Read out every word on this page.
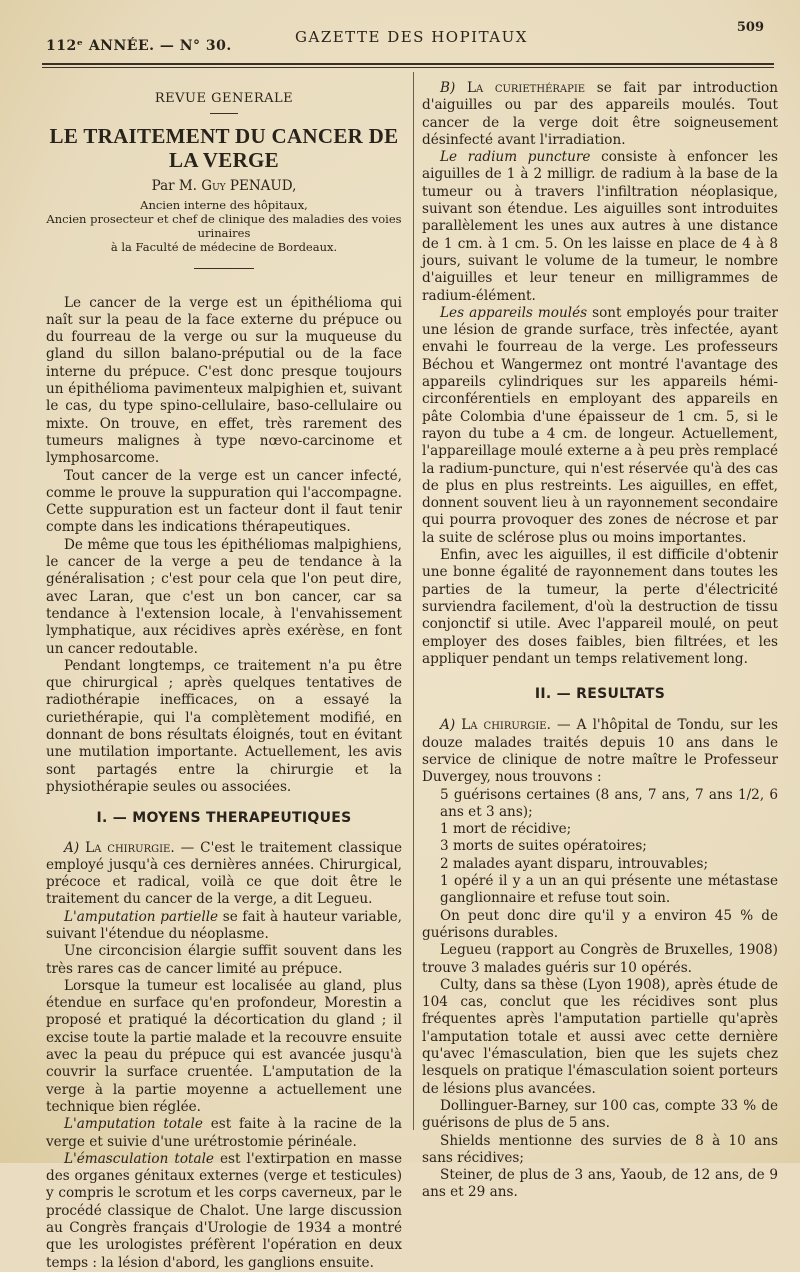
112ᵉ ANNÉE. — N° 30.	GAZETTE DES HOPITAUX
509
REVUE GENERALE
LE TRAITEMENT DU CANCER DE LA VERGE
Par M. Guy PENAUD,
Ancien interne des hôpitaux,
Ancien prosecteur et chef de clinique des maladies des voies urinaires
à la Faculté de médecine de Bordeaux.

Le cancer de la verge est un épithélioma qui naît sur la peau de la face externe du prépuce ou du fourreau de la verge ou sur la muqueuse du gland du sillon balano-préputial ou de la face interne du prépuce. C'est donc presque toujours un épithélioma pavimenteux malpighien et, suivant le cas, du type spino-cellulaire, baso-cellulaire ou mixte. On trouve, en effet, très rarement des tumeurs malignes à type nœvo-carcinome et lymphosarcome.

Tout cancer de la verge est un cancer infecté, comme le prouve la suppuration qui l'accompagne. Cette suppuration est un facteur dont il faut tenir compte dans les indications thérapeutiques.

De même que tous les épithéliomas malpighiens, le cancer de la verge a peu de tendance à la généralisation ; c'est pour cela que l'on peut dire, avec Laran, que c'est un bon cancer, car sa tendance à l'extension locale, à l'envahissement lymphatique, aux récidives après exérèse, en font un cancer redoutable.

Pendant longtemps, ce traitement n'a pu être que chirurgical ; après quelques tentatives de radiothérapie inefficaces, on a essayé la curiethérapie, qui l'a complètement modifié, en donnant de bons résultats éloignés, tout en évitant une mutilation importante. Actuellement, les avis sont partagés entre la chirurgie et la physiothérapie seules ou associées.

I. — MOYENS THERAPEUTIQUES

A) La chirurgie. — C'est le traitement classique employé jusqu'à ces dernières années. Chirurgical, précoce et radical, voilà ce que doit être le traitement du cancer de la verge, a dit Legueu.

L'amputation partielle se fait à hauteur variable, suivant l'étendue du néoplasme.

Une circoncision élargie suffit souvent dans les très rares cas de cancer limité au prépuce.

Lorsque la tumeur est localisée au gland, plus étendue en surface qu'en profondeur, Morestin a proposé et pratiqué la décortication du gland ; il excise toute la partie malade et la recouvre ensuite avec la peau du prépuce qui est avancée jusqu'à couvrir la surface cruentée. L'amputation de la verge à la partie moyenne a actuellement une technique bien réglée.

L'amputation totale est faite à la racine de la verge et suivie d'une urétrostomie périnéale.

L'émasculation totale est l'extirpation en masse des organes génitaux externes (verge et testicules) y compris le scrotum et les corps caverneux, par le procédé classique de Chalot. Une large discussion au Congrès français d'Urologie de 1934 a montré que les urologistes préfèrent l'opération en deux temps : la lésion d'abord, les ganglions ensuite.

B) La curiethérapie se fait par introduction d'aiguilles ou par des appareils moulés. Tout cancer de la verge doit être soigneusement désinfecté avant l'irradiation.

Le radium puncture consiste à enfoncer les aiguilles de 1 à 2 milligr. de radium à la base de la tumeur ou à travers l'infiltration néoplasique, suivant son étendue. Les aiguilles sont introduites parallèlement les unes aux autres à une distance de 1 cm. à 1 cm. 5. On les laisse en place de 4 à 8 jours, suivant le volume de la tumeur, le nombre d'aiguilles et leur teneur en milligrammes de radium-élément.

Les appareils moulés sont employés pour traiter une lésion de grande surface, très infectée, ayant envahi le fourreau de la verge. Les professeurs Béchou et Wangermez ont montré l'avantage des appareils cylindriques sur les appareils hémi-circonférentiels en employant des appareils en pâte Colombia d'une épaisseur de 1 cm. 5, si le rayon du tube a 4 cm. de longeur. Actuellement, l'appareillage moulé externe a à peu près remplacé la radium-puncture, qui n'est réservée qu'à des cas de plus en plus restreints. Les aiguilles, en effet, donnent souvent lieu à un rayonnement secondaire qui pourra provoquer des zones de nécrose et par la suite de sclérose plus ou moins importantes.

Enfin, avec les aiguilles, il est difficile d'obtenir une bonne égalité de rayonnement dans toutes les parties de la tumeur, la perte d'électricité surviendra facilement, d'où la destruction de tissu conjonctif si utile. Avec l'appareil moulé, on peut employer des doses faibles, bien filtrées, et les appliquer pendant un temps relativement long.

II. — RESULTATS

A) La chirurgie. — A l'hôpital de Tondu, sur les douze malades traités depuis 10 ans dans le service de clinique de notre maître le Professeur Duvergey, nous trouvons :

5 guérisons certaines (8 ans, 7 ans, 7 ans 1/2, 6 ans et 3 ans);

1 mort de récidive;

3 morts de suites opératoires;

2 malades ayant disparu, introuvables;

1 opéré il y a un an qui présente une métastase ganglionnaire et refuse tout soin.

On peut donc dire qu'il y a environ 45 % de guérisons durables.

Legueu (rapport au Congrès de Bruxelles, 1908) trouve 3 malades guéris sur 10 opérés.

Culty, dans sa thèse (Lyon 1908), après étude de 104 cas, conclut que les récidives sont plus fréquentes après l'amputation partielle qu'après l'amputation totale et aussi avec cette dernière qu'avec l'émasculation, bien que les sujets chez lesquels on pratique l'émasculation soient porteurs de lésions plus avancées.

Dollinguer-Barney, sur 100 cas, compte 33 % de guérisons de plus de 5 ans.

Shields mentionne des survies de 8 à 10 ans sans récidives;

Steiner, de plus de 3 ans, Yaoub, de 12 ans, de 9 ans et 29 ans.
